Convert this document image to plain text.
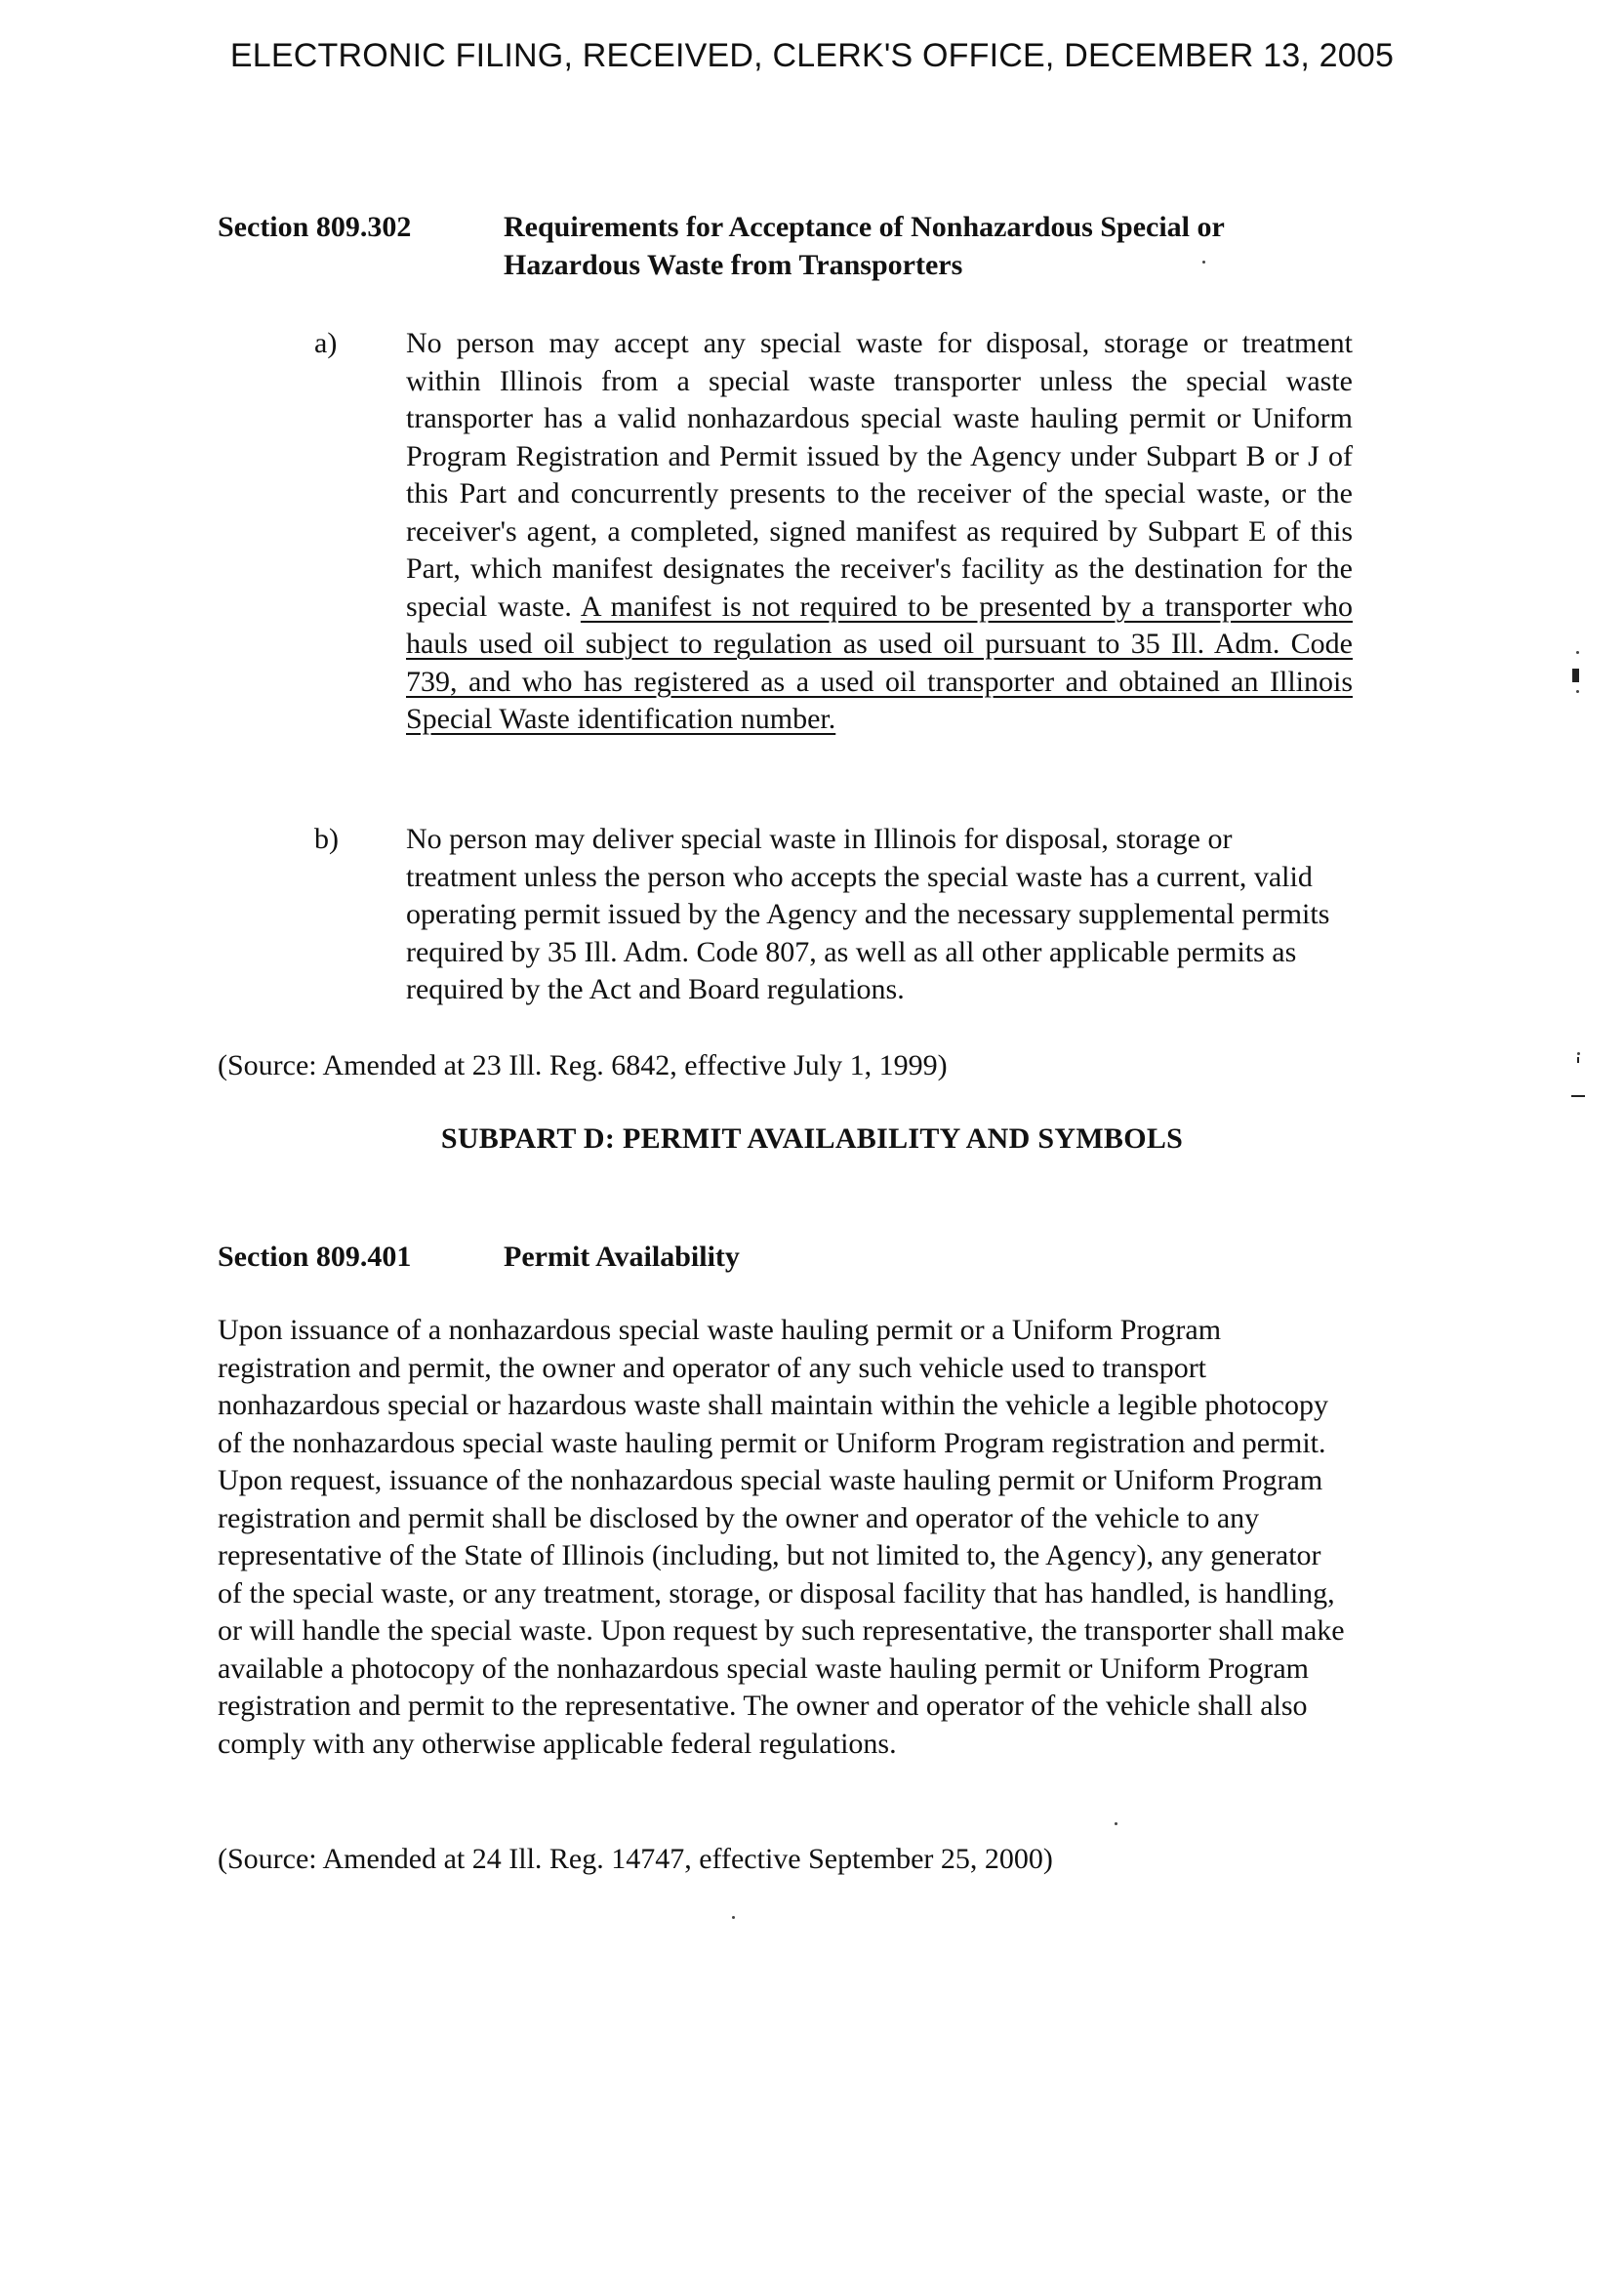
ELECTRONIC FILING, RECEIVED, CLERK'S OFFICE, DECEMBER 13, 2005
Section 809.302	Requirements for Acceptance of Nonhazardous Special or Hazardous Waste from Transporters
a) No person may accept any special waste for disposal, storage or treatment within Illinois from a special waste transporter unless the special waste transporter has a valid nonhazardous special waste hauling permit or Uniform Program Registration and Permit issued by the Agency under Subpart B or J of this Part and concurrently presents to the receiver of the special waste, or the receiver's agent, a completed, signed manifest as required by Subpart E of this Part, which manifest designates the receiver's facility as the destination for the special waste. A manifest is not required to be presented by a transporter who hauls used oil subject to regulation as used oil pursuant to 35 Ill. Adm. Code 739, and who has registered as a used oil transporter and obtained an Illinois Special Waste identification number.
b) No person may deliver special waste in Illinois for disposal, storage or treatment unless the person who accepts the special waste has a current, valid operating permit issued by the Agency and the necessary supplemental permits required by 35 Ill. Adm. Code 807, as well as all other applicable permits as required by the Act and Board regulations.
(Source: Amended at 23 Ill. Reg. 6842, effective July 1, 1999)
SUBPART D: PERMIT AVAILABILITY AND SYMBOLS
Section 809.401	Permit Availability
Upon issuance of a nonhazardous special waste hauling permit or a Uniform Program registration and permit, the owner and operator of any such vehicle used to transport nonhazardous special or hazardous waste shall maintain within the vehicle a legible photocopy of the nonhazardous special waste hauling permit or Uniform Program registration and permit. Upon request, issuance of the nonhazardous special waste hauling permit or Uniform Program registration and permit shall be disclosed by the owner and operator of the vehicle to any representative of the State of Illinois (including, but not limited to, the Agency), any generator of the special waste, or any treatment, storage, or disposal facility that has handled, is handling, or will handle the special waste. Upon request by such representative, the transporter shall make available a photocopy of the nonhazardous special waste hauling permit or Uniform Program registration and permit to the representative. The owner and operator of the vehicle shall also comply with any otherwise applicable federal regulations.
(Source: Amended at 24 Ill. Reg. 14747, effective September 25, 2000)
